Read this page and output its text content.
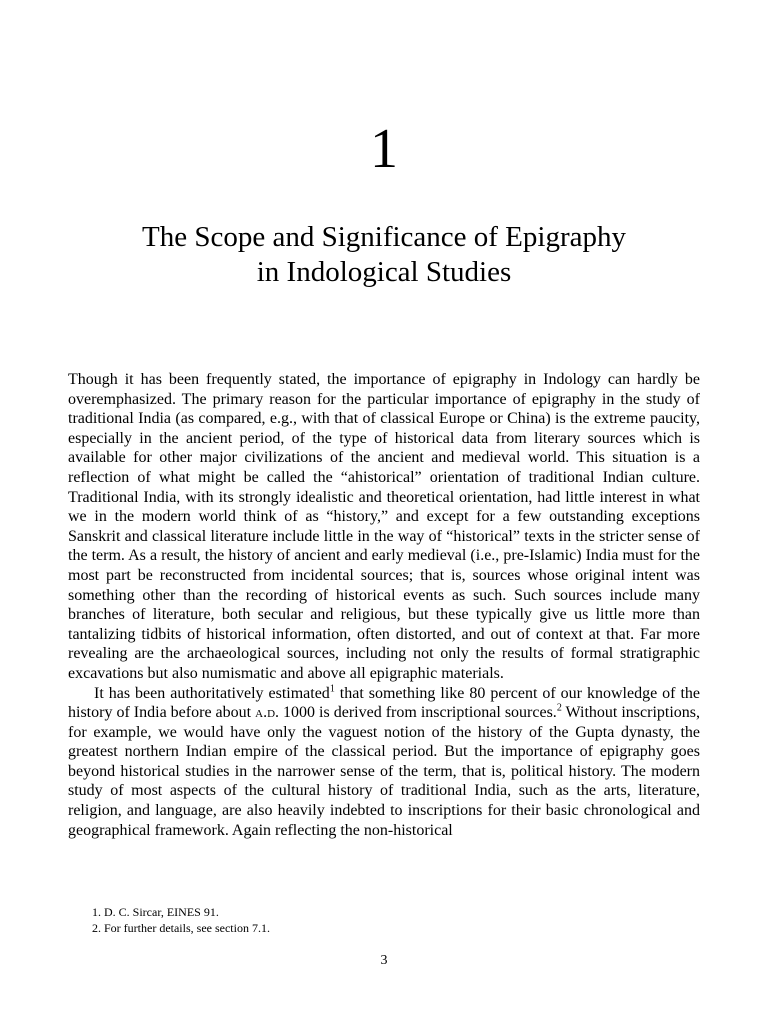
1
The Scope and Significance of Epigraphy
in Indological Studies

Though it has been frequently stated, the importance of epigraphy in Indology can hardly be overemphasized. The primary reason for the particular importance of epigraphy in the study of traditional India (as compared, e.g., with that of classical Europe or China) is the extreme paucity, especially in the ancient period, of the type of historical data from literary sources which is available for other major civilizations of the ancient and medieval world. This situation is a reflection of what might be called the “ahistorical” orientation of traditional Indian culture. Traditional India, with its strongly idealistic and theoretical orientation, had little interest in what we in the modern world think of as “history,” and except for a few outstanding exceptions Sanskrit and classical literature include little in the way of “historical” texts in the stricter sense of the term. As a result, the history of ancient and early medieval (i.e., pre-Islamic) India must for the most part be reconstructed from incidental sources; that is, sources whose original intent was something other than the recording of historical events as such. Such sources include many branches of literature, both secular and religious, but these typically give us little more than tantalizing tidbits of historical information, often distorted, and out of context at that. Far more revealing are the archaeological sources, including not only the results of formal stratigraphic excavations but also numismatic and above all epigraphic materials.

It has been authoritatively estimated$^1$ that something like 80 percent of our knowledge of the history of India before about a.d. 1000 is derived from inscriptional sources.$^2$ Without inscriptions, for example, we would have only the vaguest notion of the history of the Gupta dynasty, the greatest northern Indian empire of the classical period. But the importance of epigraphy goes beyond historical studies in the narrower sense of the term, that is, political history. The modern study of most aspects of the cultural history of traditional India, such as the arts, literature, religion, and language, are also heavily indebted to inscriptions for their basic chronological and geographical framework. Again reflecting the non-historical

1. D. C. Sircar, EINES 91.
2. For further details, see section 7.1.
3
